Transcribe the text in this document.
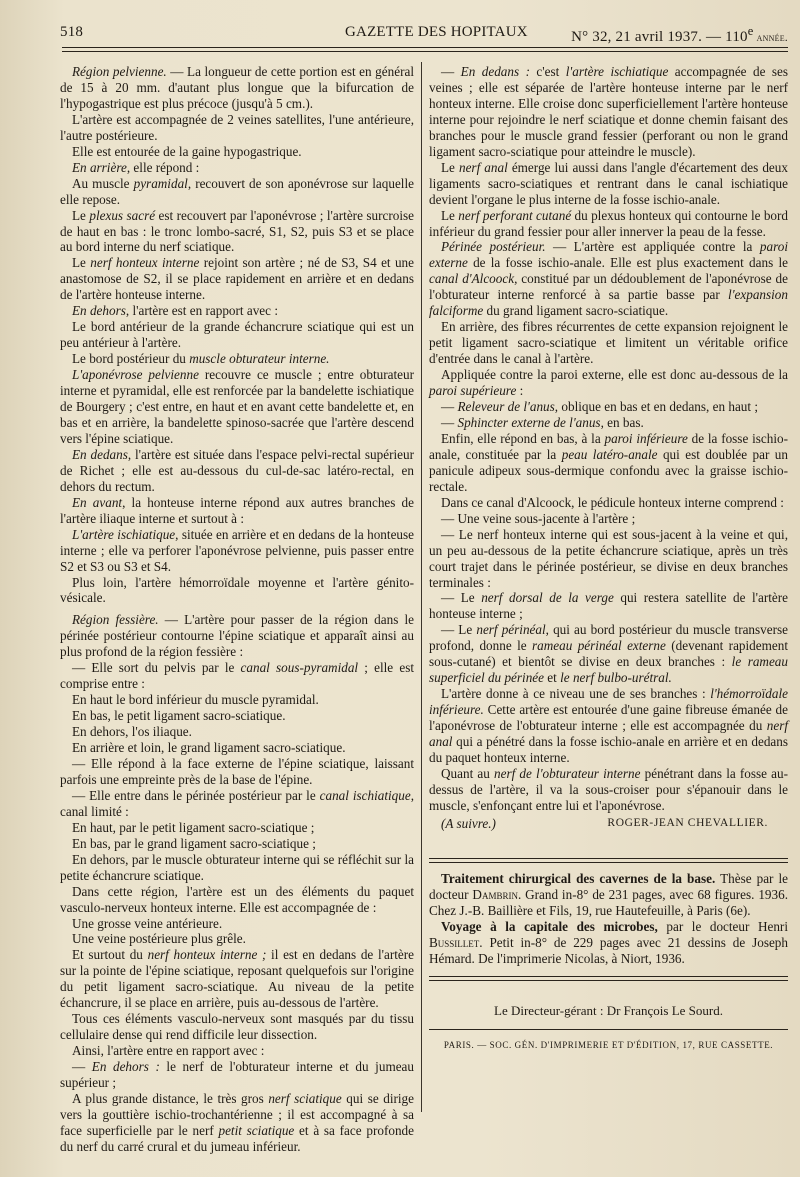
518	GAZETTE DES HOPITAUX	N° 32, 21 avril 1937. — 110e année.

Région pelvienne. — La longueur de cette portion est en général de 15 à 20 mm. d'autant plus longue que la bifurcation de l'hypogastrique est plus précoce (jusqu'à 5 cm.).

L'artère est accompagnée de 2 veines satellites, l'une antérieure, l'autre postérieure.

Elle est entourée de la gaine hypogastrique.

En arrière, elle répond :

Au muscle pyramidal, recouvert de son aponévrose sur laquelle elle repose.

Le plexus sacré est recouvert par l'aponévrose ; l'artère surcroise de haut en bas : le tronc lombo-sacré, S1, S2, puis S3 et se place au bord interne du nerf sciatique.

Le nerf honteux interne rejoint son artère ; né de S3, S4 et une anastomose de S2, il se place rapidement en arrière et en dedans de l'artère honteuse interne.

En dehors, l'artère est en rapport avec :

Le bord antérieur de la grande échancrure sciatique qui est un peu antérieur à l'artère.

Le bord postérieur du muscle obturateur interne.

L'aponévrose pelvienne recouvre ce muscle ; entre obturateur interne et pyramidal, elle est renforcée par la bandelette ischiatique de Bourgery ; c'est entre, en haut et en avant cette bandelette et, en bas et en arrière, la bandelette spinoso-sacrée que l'artère descend vers l'épine sciatique.

En dedans, l'artère est située dans l'espace pelvi-rectal supérieur de Richet ; elle est au-dessous du cul-de-sac latéro-rectal, en dehors du rectum.

En avant, la honteuse interne répond aux autres branches de l'artère iliaque interne et surtout à :

L'artère ischiatique, située en arrière et en dedans de la honteuse interne ; elle va perforer l'aponévrose pelvienne, puis passer entre S2 et S3 ou S3 et S4.

Plus loin, l'artère hémorroïdale moyenne et l'artère génito-vésicale.

Région fessière. — L'artère pour passer de la région dans le périnée postérieur contourne l'épine sciatique et apparaît ainsi au plus profond de la région fessière :

— Elle sort du pelvis par le canal sous-pyramidal ; elle est comprise entre :

En haut le bord inférieur du muscle pyramidal.

En bas, le petit ligament sacro-sciatique.

En dehors, l'os iliaque.

En arrière et loin, le grand ligament sacro-sciatique.

— Elle répond à la face externe de l'épine sciatique, laissant parfois une empreinte près de la base de l'épine.

— Elle entre dans le périnée postérieur par le canal ischiatique, canal limité :

En haut, par le petit ligament sacro-sciatique ;

En bas, par le grand ligament sacro-sciatique ;

En dehors, par le muscle obturateur interne qui se réfléchit sur la petite échancrure sciatique.

Dans cette région, l'artère est un des éléments du paquet vasculo-nerveux honteux interne. Elle est accompagnée de :

Une grosse veine antérieure.

Une veine postérieure plus grêle.

Et surtout du nerf honteux interne ; il est en dedans de l'artère sur la pointe de l'épine sciatique, reposant quelquefois sur l'origine du petit ligament sacro-sciatique. Au niveau de la petite échancrure, il se place en arrière, puis au-dessous de l'artère.

Tous ces éléments vasculo-nerveux sont masqués par du tissu cellulaire dense qui rend difficile leur dissection.

Ainsi, l'artère entre en rapport avec :

— En dehors : le nerf de l'obturateur interne et du jumeau supérieur ;

A plus grande distance, le très gros nerf sciatique qui se dirige vers la gouttière ischio-trochantérienne ; il est accompagné à sa face superficielle par le nerf petit sciatique et à sa face profonde du nerf du carré crural et du jumeau inférieur.

— En dedans : c'est l'artère ischiatique accompagnée de ses veines ; elle est séparée de l'artère honteuse interne par le nerf honteux interne. Elle croise donc superficiellement l'artère honteuse interne pour rejoindre le nerf sciatique et donne chemin faisant des branches pour le muscle grand fessier (perforant ou non le grand ligament sacro-sciatique pour atteindre le muscle).

Le nerf anal émerge lui aussi dans l'angle d'écartement des deux ligaments sacro-sciatiques et rentrant dans le canal ischiatique devient l'organe le plus interne de la fosse ischio-anale.

Le nerf perforant cutané du plexus honteux qui contourne le bord inférieur du grand fessier pour aller innerver la peau de la fesse.

Périnée postérieur. — L'artère est appliquée contre la paroi externe de la fosse ischio-anale. Elle est plus exactement dans le canal d'Alcoock, constitué par un dédoublement de l'aponévrose de l'obturateur interne renforcé à sa partie basse par l'expansion falciforme du grand ligament sacro-sciatique.

En arrière, des fibres récurrentes de cette expansion rejoignent le petit ligament sacro-sciatique et limitent un véritable orifice d'entrée dans le canal à l'artère.

Appliquée contre la paroi externe, elle est donc au-dessous de la paroi supérieure :

— Releveur de l'anus, oblique en bas et en dedans, en haut ;

— Sphincter externe de l'anus, en bas.

Enfin, elle répond en bas, à la paroi inférieure de la fosse ischio-anale, constituée par la peau latéro-anale qui est doublée par un panicule adipeux sous-dermique confondu avec la graisse ischio-rectale.

Dans ce canal d'Alcoock, le pédicule honteux interne comprend :

— Une veine sous-jacente à l'artère ;

— Le nerf honteux interne qui est sous-jacent à la veine et qui, un peu au-dessous de la petite échancrure sciatique, après un très court trajet dans le périnée postérieur, se divise en deux branches terminales :

— Le nerf dorsal de la verge qui restera satellite de l'artère honteuse interne ;

— Le nerf périnéal, qui au bord postérieur du muscle transverse profond, donne le rameau périnéal externe (devenant rapidement sous-cutané) et bientôt se divise en deux branches : le rameau superficiel du périnée et le nerf bulbo-urétral.

L'artère donne à ce niveau une de ses branches : l'hémorroïdale inférieure. Cette artère est entourée d'une gaine fibreuse émanée de l'aponévrose de l'obturateur interne ; elle est accompagnée du nerf anal qui a pénétré dans la fosse ischio-anale en arrière et en dedans du paquet honteux interne.

Quant au nerf de l'obturateur interne pénétrant dans la fosse au-dessus de l'artère, il va la sous-croiser pour s'épanouir dans le muscle, s'enfonçant entre lui et l'aponévrose.

(A suivre.)	ROGER-JEAN CHEVALLIER.

Traitement chirurgical des cavernes de la base. Thèse par le docteur Dambrin. Grand in-8° de 231 pages, avec 68 figures. 1936. Chez J.-B. Baillière et Fils, 19, rue Hautefeuille, à Paris (6e).

Voyage à la capitale des microbes, par le docteur Henri Bussillet. Petit in-8° de 229 pages avec 21 dessins de Joseph Hémard. De l'imprimerie Nicolas, à Niort, 1936.

Le Directeur-gérant : Dr François Le Sourd.
PARIS. — SOC. GÉN. D'IMPRIMERIE ET D'ÉDITION, 17, RUE CASSETTE.
